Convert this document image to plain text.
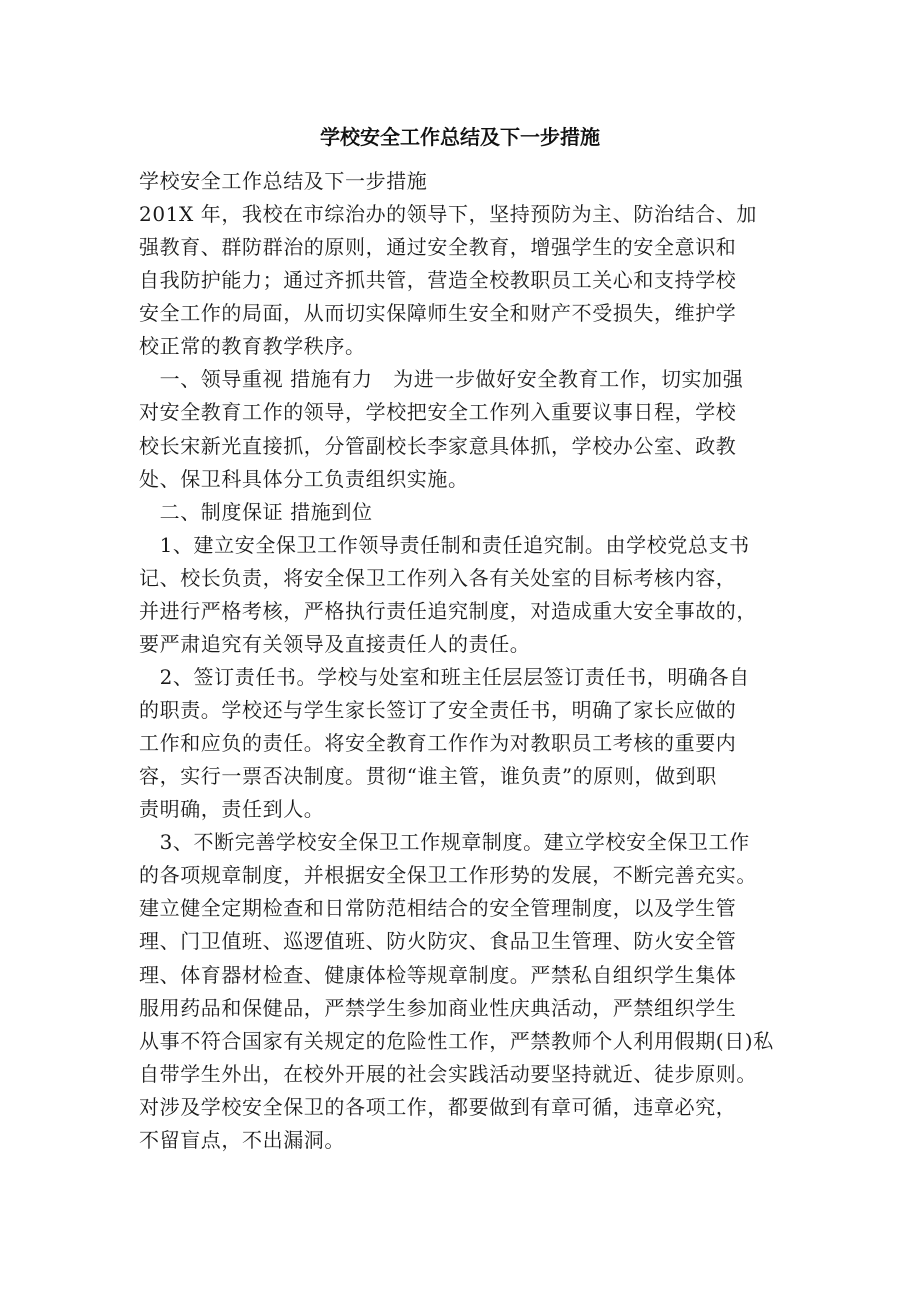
学校安全工作总结及下一步措施
学校安全工作总结及下一步措施
201X 年，我校在市综治办的领导下，坚持预防为主、防治结合、加
强教育、群防群治的原则，通过安全教育，增强学生的安全意识和
自我防护能力；通过齐抓共管，营造全校教职员工关心和支持学校
安全工作的局面，从而切实保障师生安全和财产不受损失，维护学
校正常的教育教学秩序。
　一、领导重视 措施有力　为进一步做好安全教育工作，切实加强
对安全教育工作的领导，学校把安全工作列入重要议事日程，学校
校长宋新光直接抓，分管副校长李家意具体抓，学校办公室、政教
处、保卫科具体分工负责组织实施。
　二、制度保证 措施到位
　1、建立安全保卫工作领导责任制和责任追究制。由学校党总支书
记、校长负责，将安全保卫工作列入各有关处室的目标考核内容，
并进行严格考核，严格执行责任追究制度，对造成重大安全事故的，
要严肃追究有关领导及直接责任人的责任。
　2、签订责任书。学校与处室和班主任层层签订责任书，明确各自
的职责。学校还与学生家长签订了安全责任书，明确了家长应做的
工作和应负的责任。将安全教育工作作为对教职员工考核的重要内
容，实行一票否决制度。贯彻“谁主管，谁负责”的原则，做到职
责明确，责任到人。
　3、不断完善学校安全保卫工作规章制度。建立学校安全保卫工作
的各项规章制度，并根据安全保卫工作形势的发展，不断完善充实。
建立健全定期检查和日常防范相结合的安全管理制度，以及学生管
理、门卫值班、巡逻值班、防火防灾、食品卫生管理、防火安全管
理、体育器材检查、健康体检等规章制度。严禁私自组织学生集体
服用药品和保健品，严禁学生参加商业性庆典活动，严禁组织学生
从事不符合国家有关规定的危险性工作，严禁教师个人利用假期(日)私
自带学生外出，在校外开展的社会实践活动要坚持就近、徒步原则。
对涉及学校安全保卫的各项工作，都要做到有章可循，违章必究，
不留盲点，不出漏洞。
